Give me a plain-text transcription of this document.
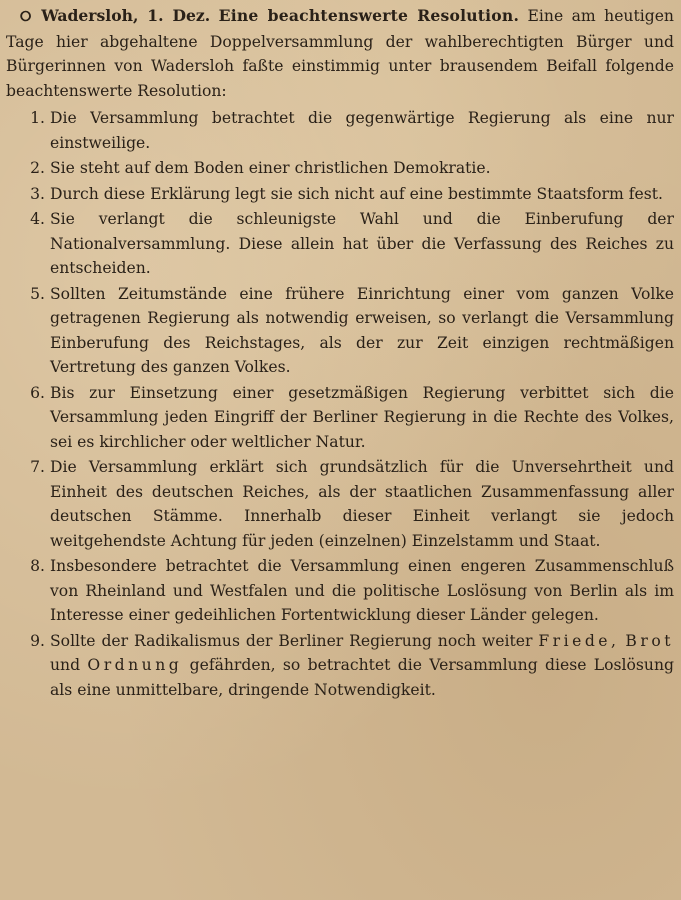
⭘ Wadersloh, 1. Dez. Eine beachtenswerte Resolution. Eine am heutigen Tage hier abgehaltene Doppelversammlung der wahlberechtigten Bürger und Bürgerinnen von Wadersloh faßte einstimmig unter brausendem Beifall folgende beachtenswerte Resolution:

1. Die Versammlung betrachtet die gegenwärtige Regierung als eine nur einstweilige.
2. Sie steht auf dem Boden einer christlichen Demokratie.
3. Durch diese Erklärung legt sie sich nicht auf eine bestimmte Staatsform fest.
4. Sie verlangt die schleunigste Wahl und die Einberufung der Nationalversammlung. Diese allein hat über die Verfassung des Reiches zu entscheiden.
5. Sollten Zeitumstände eine frühere Einrichtung einer vom ganzen Volke getragenen Regierung als notwendig erweisen, so verlangt die Versammlung Einberufung des Reichstages, als der zur Zeit einzigen rechtmäßigen Vertretung des ganzen Volkes.
6. Bis zur Einsetzung einer gesetzmäßigen Regierung verbittet sich die Versammlung jeden Eingriff der Berliner Regierung in die Rechte des Volkes, sei es kirchlicher oder weltlicher Natur.
7. Die Versammlung erklärt sich grundsätzlich für die Unversehrtheit und Einheit des deutschen Reiches, als der staatlichen Zusammenfassung aller deutschen Stämme. Innerhalb dieser Einheit verlangt sie jedoch weitgehendste Achtung für jeden (einzelnen) Einzelstamm und Staat.
8. Insbesondere betrachtet die Versammlung einen engeren Zusammenschluß von Rheinland und Westfalen und die politische Loslösung von Berlin als im Interesse einer gedeihlichen Fortentwicklung dieser Länder gelegen.
9. Sollte der Radikalismus der Berliner Regierung noch weiter Friede, Brot und Ordnung gefährden, so betrachtet die Versammlung diese Loslösung als eine unmittelbare, dringende Notwendigkeit.
